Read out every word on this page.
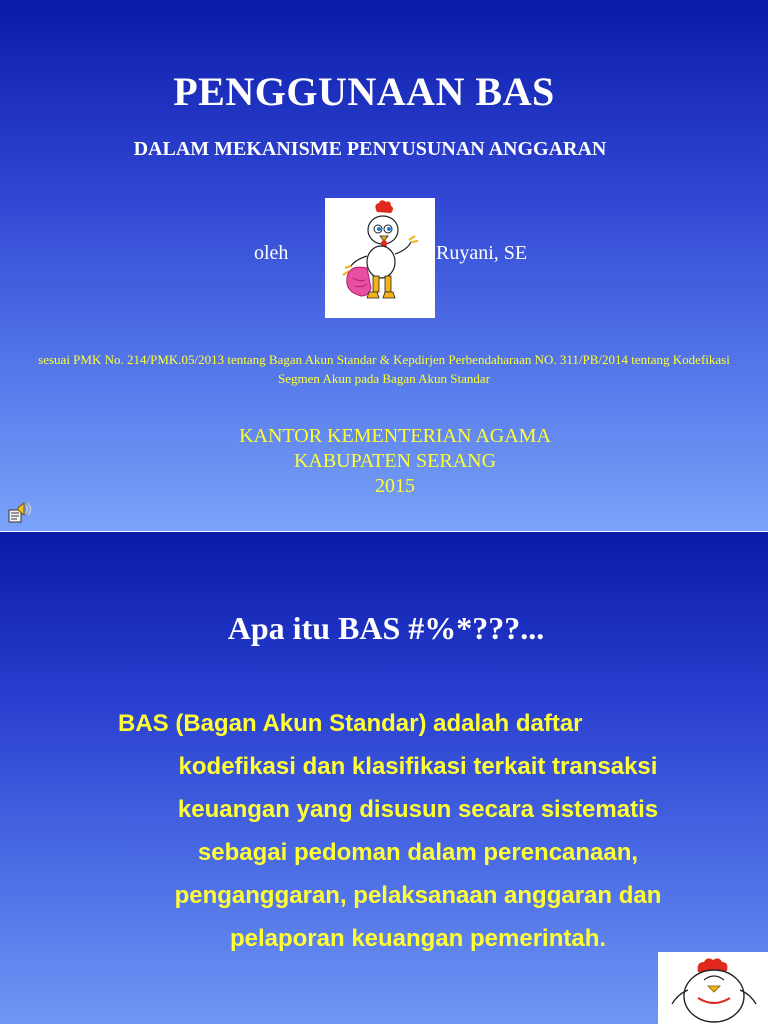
PENGGUNAAN BAS
DALAM MEKANISME PENYUSUNAN ANGGARAN
oleh	Ruyani, SE
sesuai PMK No. 214/PMK.05/2013 tentang Bagan Akun Standar & Kepdirjen Perbendaharaan NO. 311/PB/2014 tentang Kodefikasi Segmen Akun pada Bagan Akun Standar
KANTOR KEMENTERIAN AGAMA
KABUPATEN SERANG
2015
Apa itu BAS #%*???...
BAS (Bagan Akun Standar) adalah daftar
kodefikasi dan klasifikasi terkait transaksi
keuangan yang disusun secara sistematis
sebagai pedoman dalam perencanaan,
penganggaran, pelaksanaan anggaran dan
pelaporan keuangan pemerintah.
